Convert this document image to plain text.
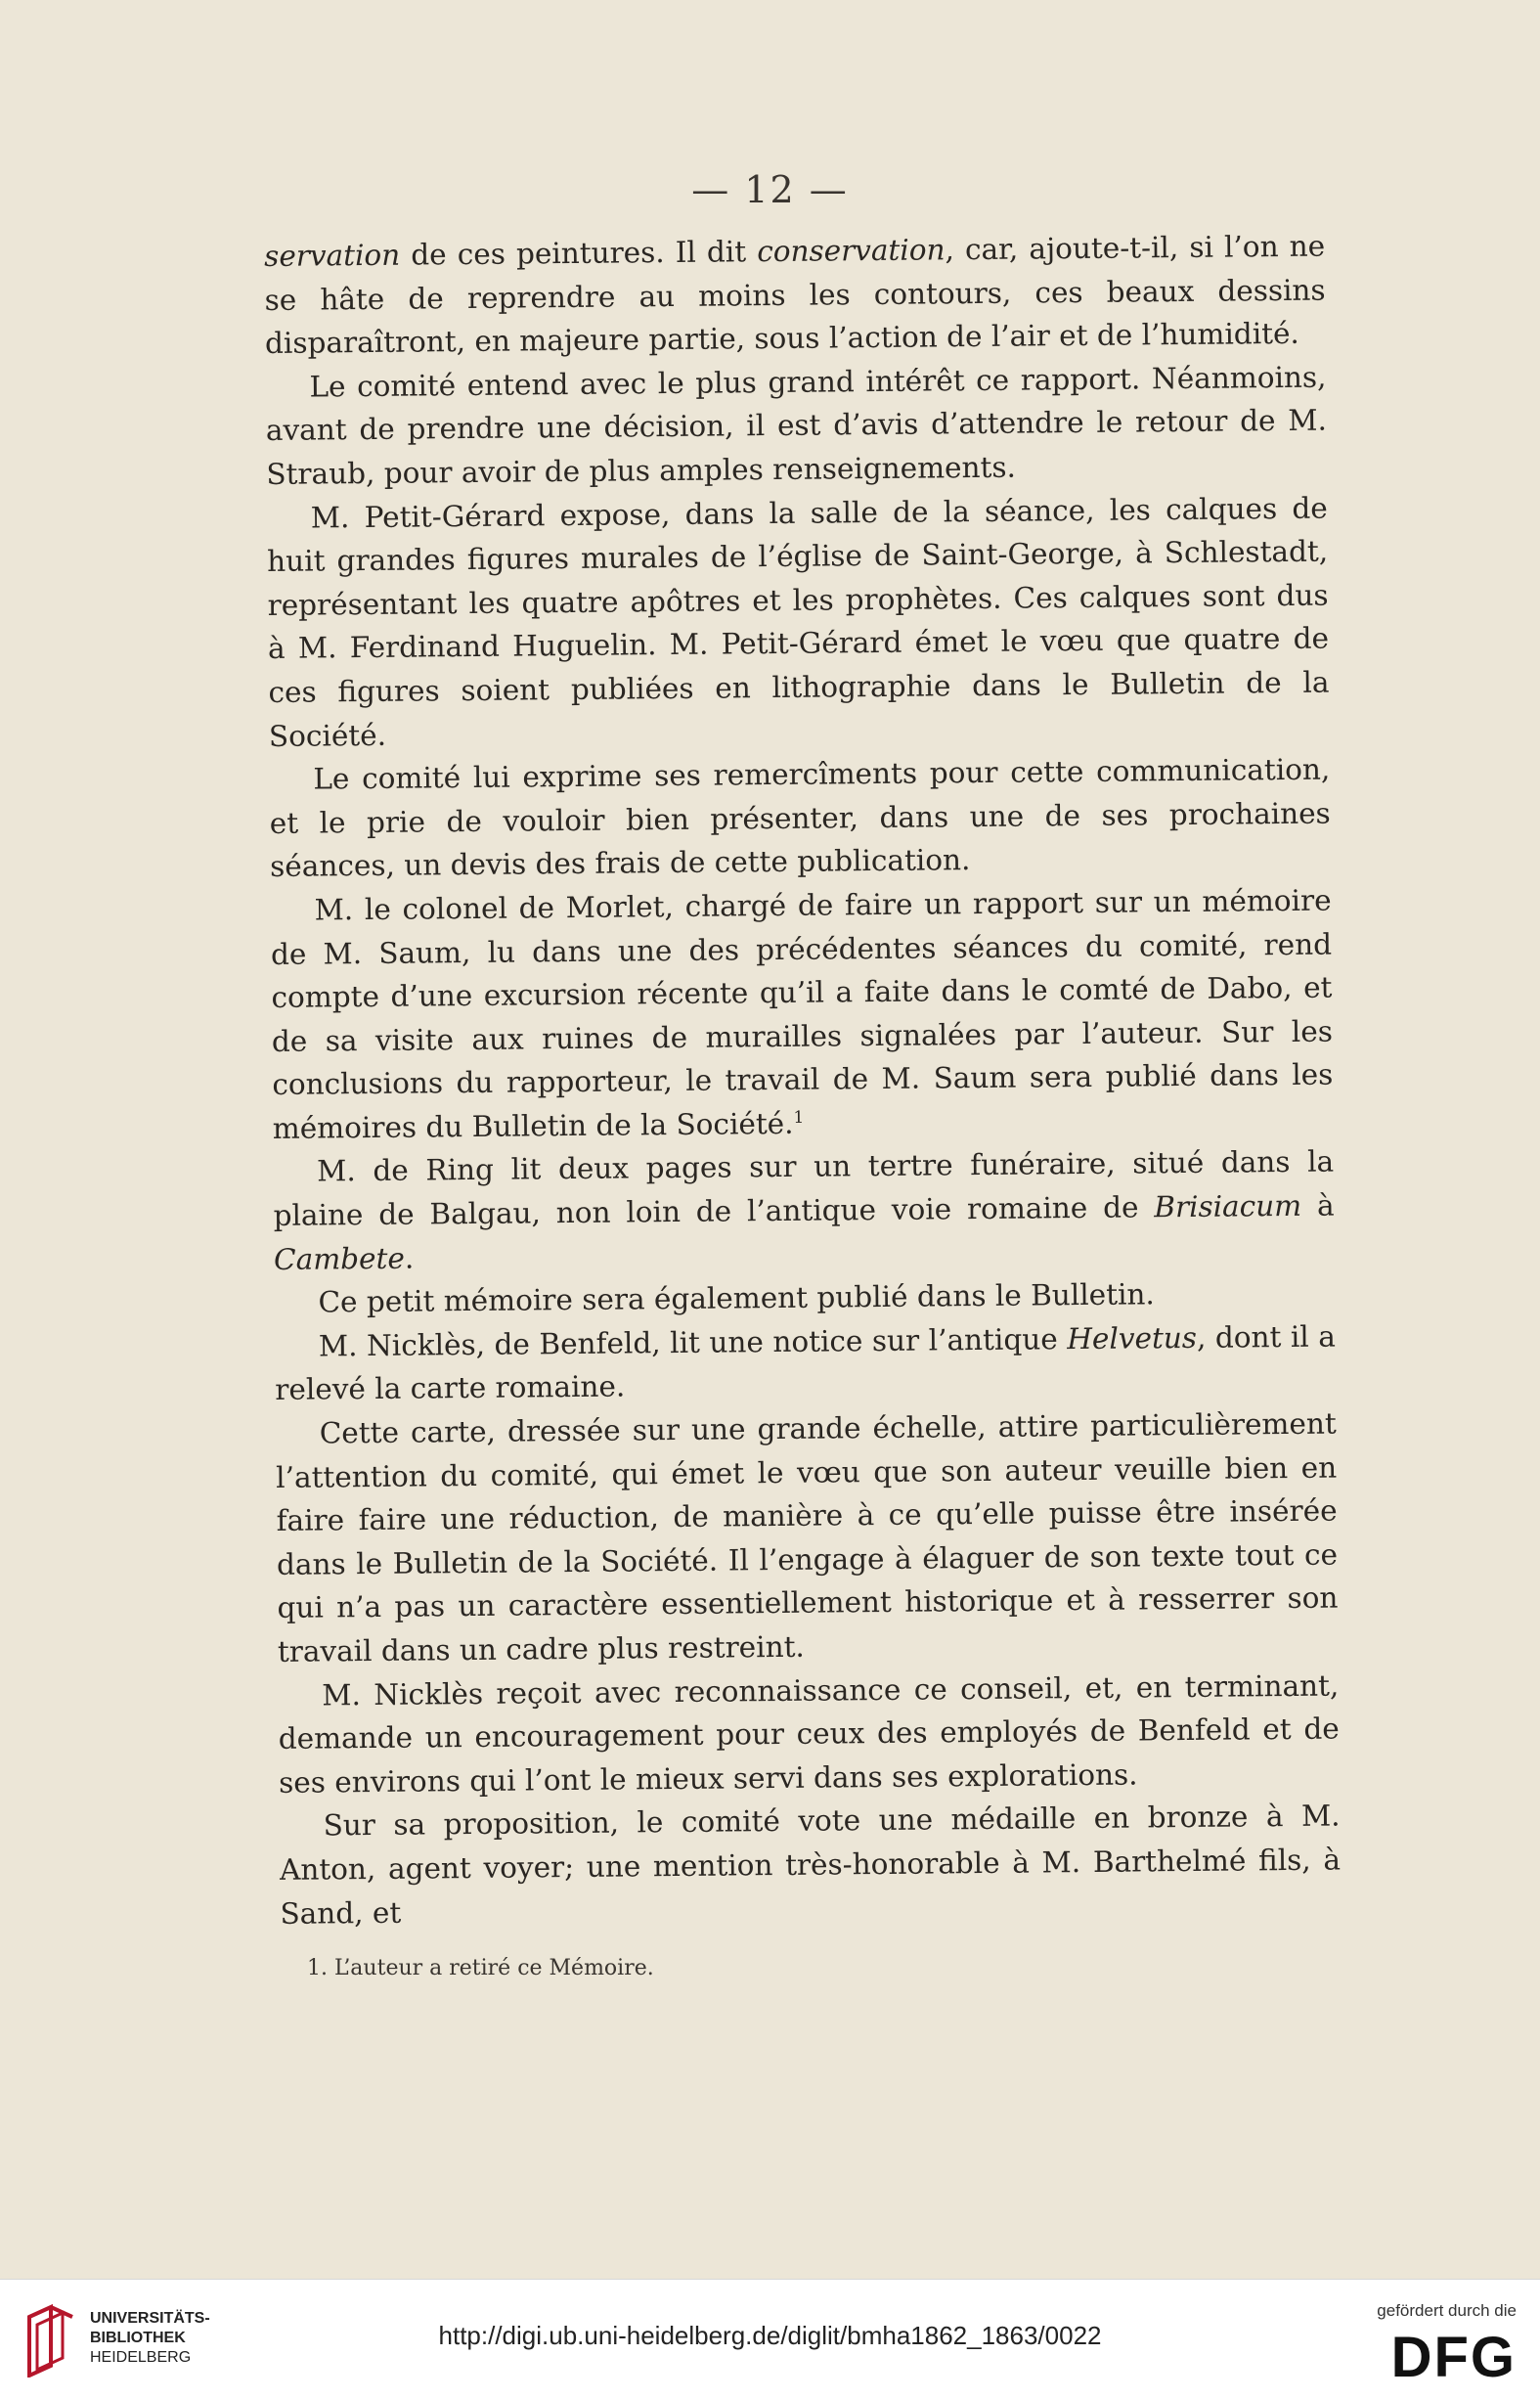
— 12 —

servation de ces peintures. Il dit conservation, car, ajoute-t-il, si l’on ne se hâte de reprendre au moins les contours, ces beaux dessins disparaîtront, en majeure partie, sous l’action de l’air et de l’humidité.

Le comité entend avec le plus grand intérêt ce rapport. Néanmoins, avant de prendre une décision, il est d’avis d’attendre le retour de M. Straub, pour avoir de plus amples renseignements.

M. Petit-Gérard expose, dans la salle de la séance, les calques de huit grandes figures murales de l’église de Saint-George, à Schlestadt, représentant les quatre apôtres et les prophètes. Ces calques sont dus à M. Ferdinand Huguelin. M. Petit-Gérard émet le vœu que quatre de ces figures soient publiées en lithographie dans le Bulletin de la Société.

Le comité lui exprime ses remercîments pour cette communication, et le prie de vouloir bien présenter, dans une de ses prochaines séances, un devis des frais de cette publication.

M. le colonel de Morlet, chargé de faire un rapport sur un mémoire de M. Saum, lu dans une des précédentes séances du comité, rend compte d’une excursion récente qu’il a faite dans le comté de Dabo, et de sa visite aux ruines de murailles signalées par l’auteur. Sur les conclusions du rapporteur, le travail de M. Saum sera publié dans les mémoires du Bulletin de la Société.$^1$

M. de Ring lit deux pages sur un tertre funéraire, situé dans la plaine de Balgau, non loin de l’antique voie romaine de Brisiacum à Cambete.

Ce petit mémoire sera également publié dans le Bulletin.

M. Nicklès, de Benfeld, lit une notice sur l’antique Helvetus, dont il a relevé la carte romaine.

Cette carte, dressée sur une grande échelle, attire particulièrement l’attention du comité, qui émet le vœu que son auteur veuille bien en faire faire une réduction, de manière à ce qu’elle puisse être insérée dans le Bulletin de la Société. Il l’engage à élaguer de son texte tout ce qui n’a pas un caractère essentiellement historique et à resserrer son travail dans un cadre plus restreint.

M. Nicklès reçoit avec reconnaissance ce conseil, et, en terminant, demande un encouragement pour ceux des employés de Benfeld et de ses environs qui l’ont le mieux servi dans ses explorations.

Sur sa proposition, le comité vote une médaille en bronze à M. Anton, agent voyer; une mention très-honorable à M. Barthelmé fils, à Sand, et

1. L’auteur a retiré ce Mémoire.
UNIVERSITÄTS-
BIBLIOTHEK
HEIDELBERG
http://digi.ub.uni-heidelberg.de/diglit/bmha1862_1863/0022
gefördert durch die
DFG
